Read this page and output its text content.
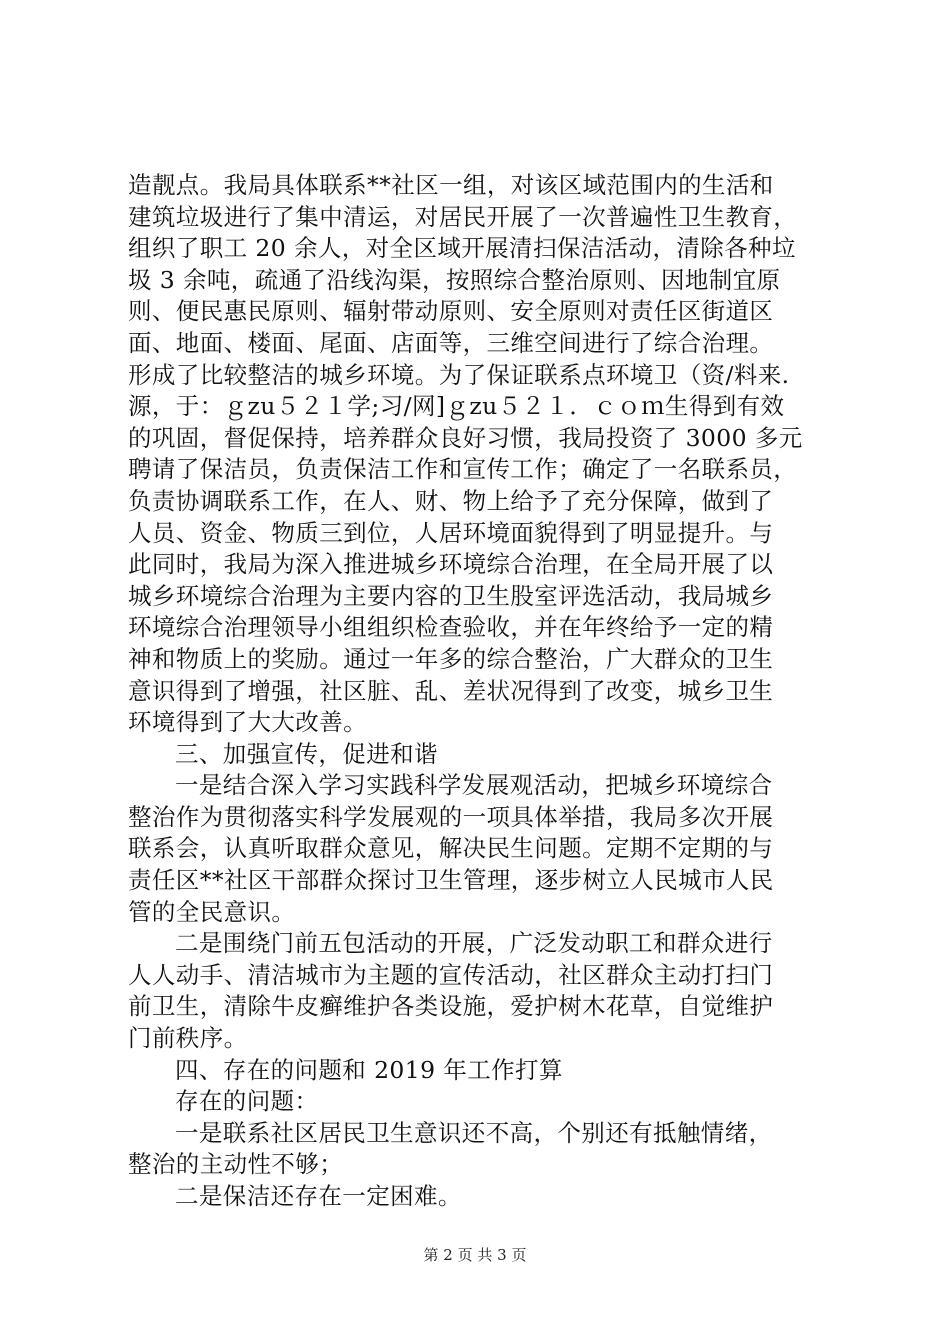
造靓点。我局具体联系**社区一组，对该区域范围内的生活和
建筑垃圾进行了集中清运，对居民开展了一次普遍性卫生教育，
组织了职工 20 余人，对全区域开展清扫保洁活动，清除各种垃
圾 3 余吨，疏通了沿线沟渠，按照综合整治原则、因地制宜原
则、便民惠民原则、辐射带动原则、安全原则对责任区街道区
面、地面、楼面、尾面、店面等，三维空间进行了综合治理。
形成了比较整洁的城乡环境。为了保证联系点环境卫（资/料来.
源，于：ｇzu５２１学;习/网]ｇzu５２１．ｃｏｍ生得到有效
的巩固，督促保持，培养群众良好习惯，我局投资了 3000 多元
聘请了保洁员，负责保洁工作和宣传工作；确定了一名联系员，
负责协调联系工作，在人、财、物上给予了充分保障，做到了
人员、资金、物质三到位，人居环境面貌得到了明显提升。与
此同时，我局为深入推进城乡环境综合治理，在全局开展了以
城乡环境综合治理为主要内容的卫生股室评选活动，我局城乡
环境综合治理领导小组组织检查验收，并在年终给予一定的精
神和物质上的奖励。通过一年多的综合整治，广大群众的卫生
意识得到了增强，社区脏、乱、差状况得到了改变，城乡卫生
环境得到了大大改善。
三、加强宣传，促进和谐
一是结合深入学习实践科学发展观活动，把城乡环境综合
整治作为贯彻落实科学发展观的一项具体举措，我局多次开展
联系会，认真听取群众意见，解决民生问题。定期不定期的与
责任区**社区干部群众探讨卫生管理，逐步树立人民城市人民
管的全民意识。
二是围绕门前五包活动的开展，广泛发动职工和群众进行
人人动手、清洁城市为主题的宣传活动，社区群众主动打扫门
前卫生，清除牛皮癣维护各类设施，爱护树木花草，自觉维护
门前秩序。
四、存在的问题和 2019 年工作打算
存在的问题：
一是联系社区居民卫生意识还不高，个别还有抵触情绪，
整治的主动性不够；
二是保洁还存在一定困难。
第 2 页 共 3 页
